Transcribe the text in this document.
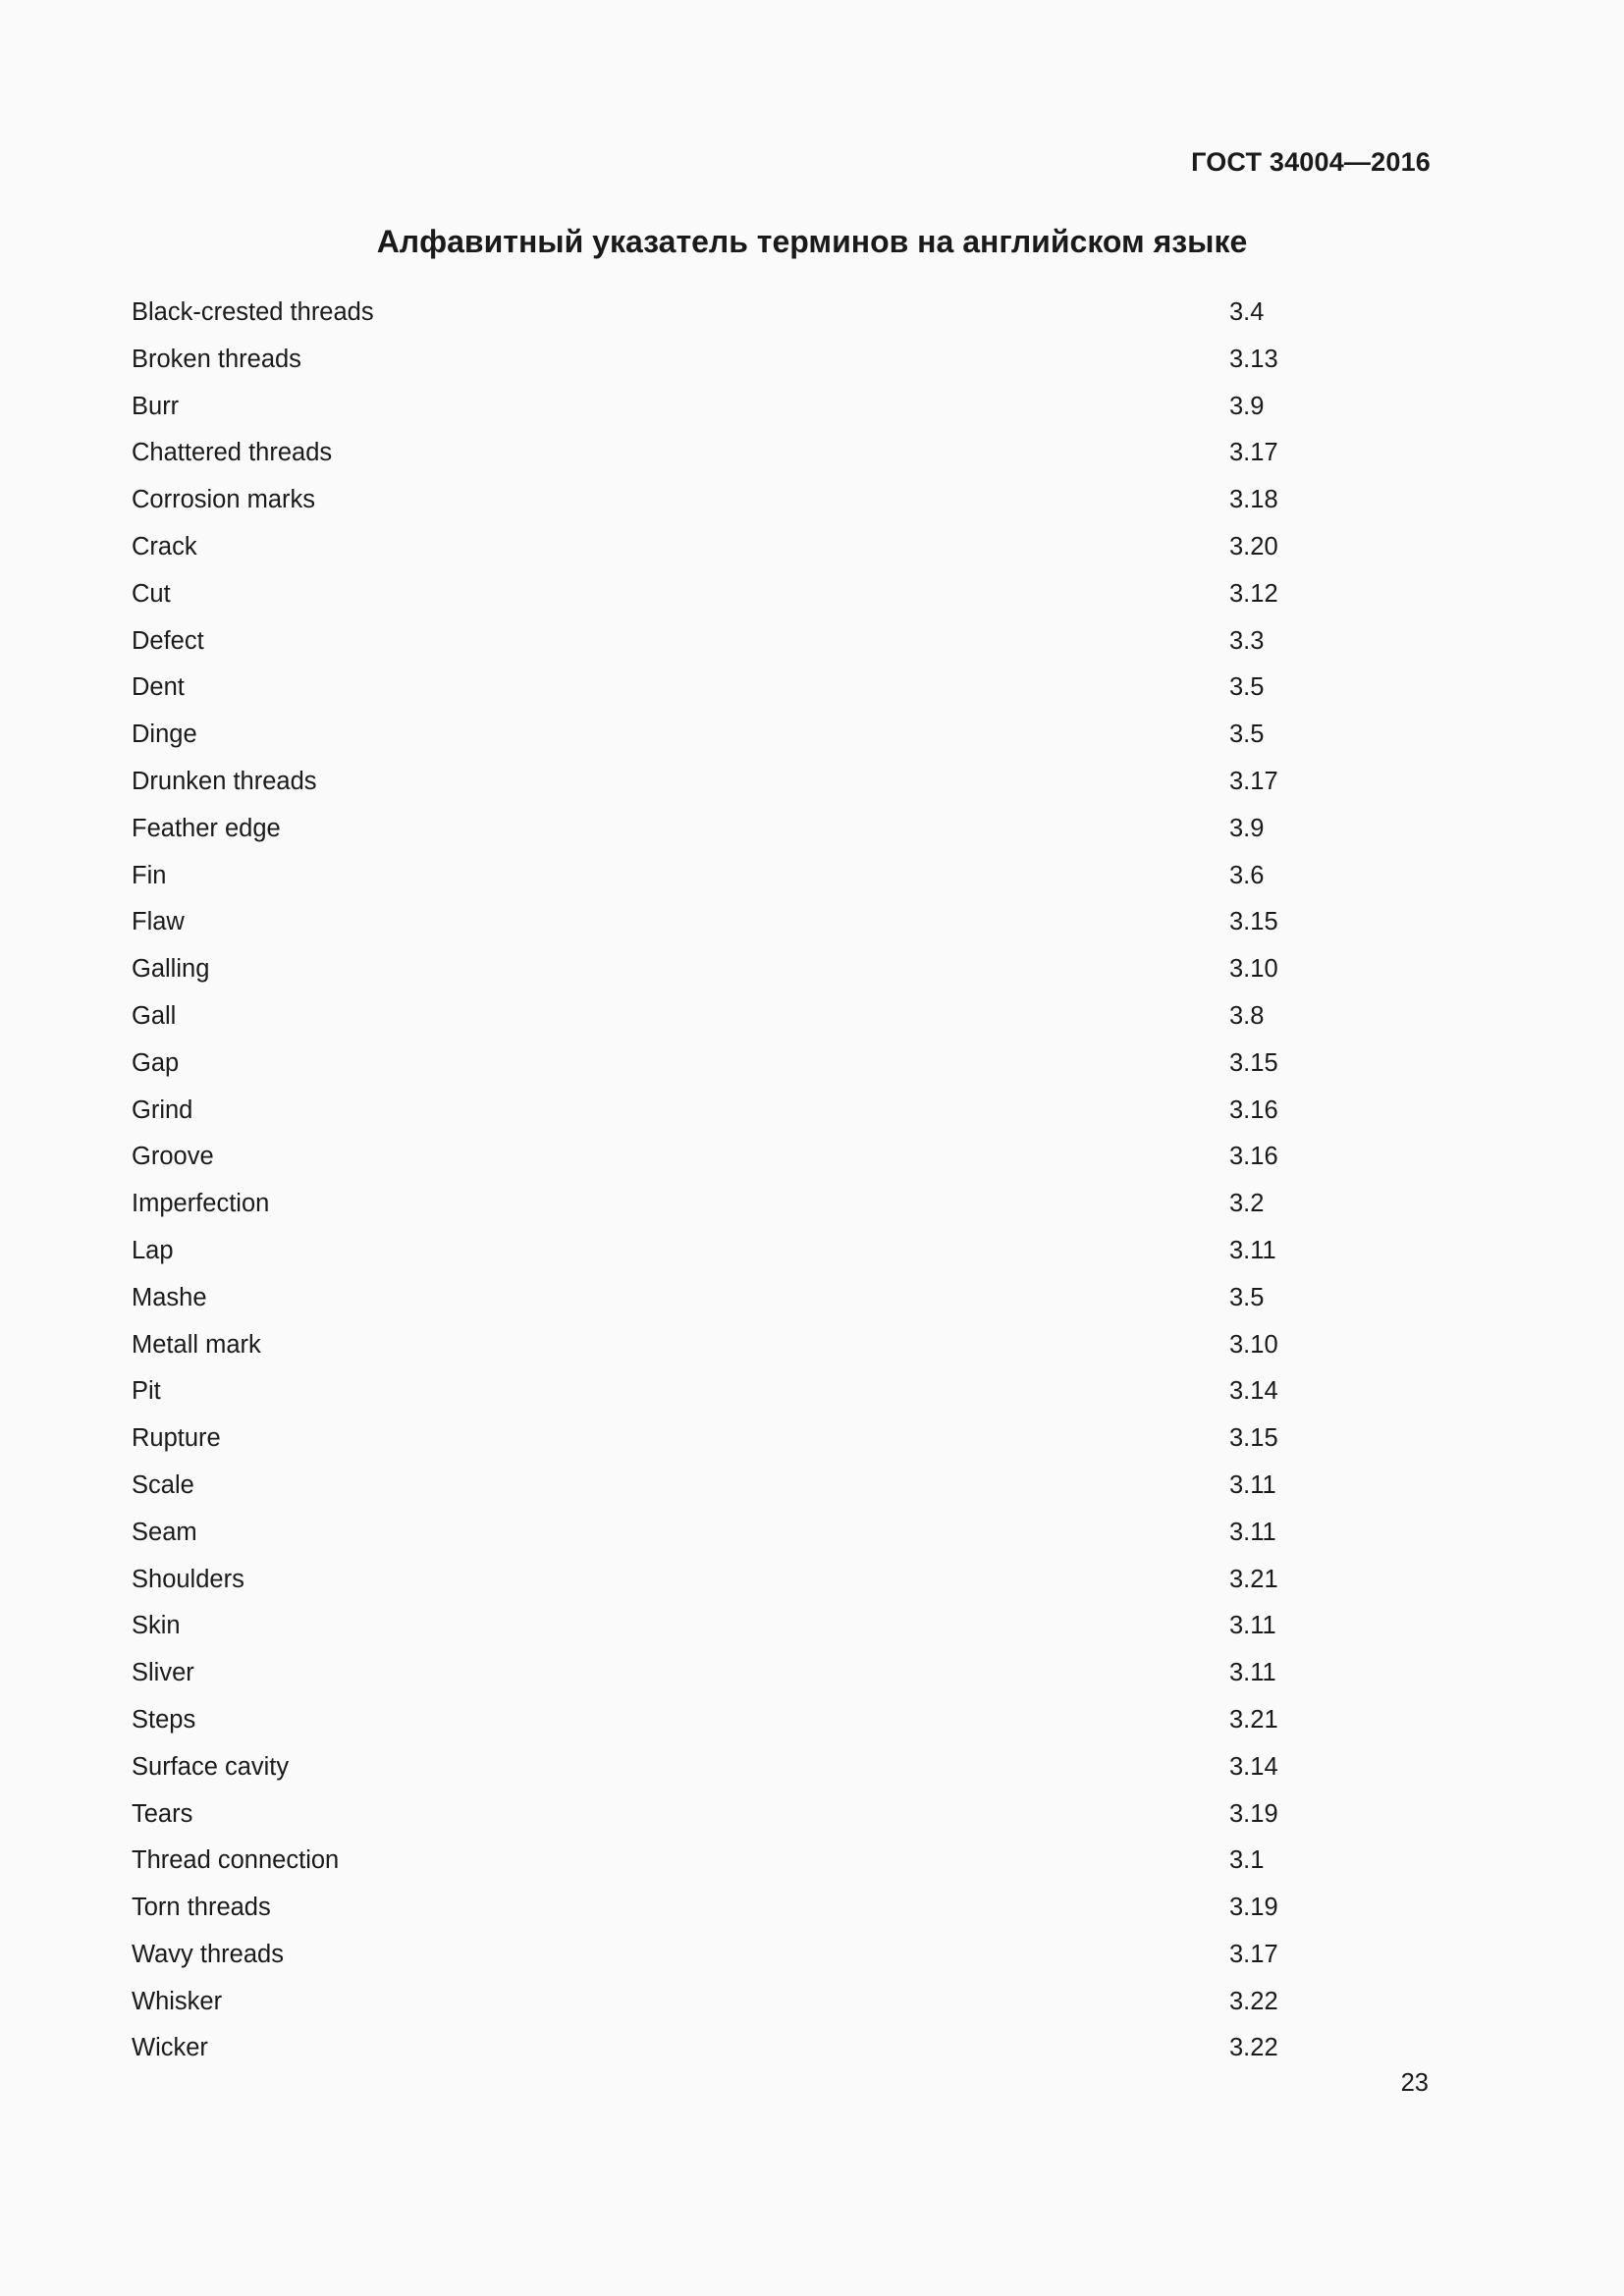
ГОСТ 34004—2016
Алфавитный указатель терминов на английском языке
Black-crested threads	3.4
Broken threads	3.13
Burr	3.9
Chattered threads	3.17
Corrosion marks	3.18
Crack	3.20
Cut	3.12
Defect	3.3
Dent	3.5
Dinge	3.5
Drunken threads	3.17
Feather edge	3.9
Fin	3.6
Flaw	3.15
Galling	3.10
Gall	3.8
Gap	3.15
Grind	3.16
Groove	3.16
Imperfection	3.2
Lap	3.11
Mashe	3.5
Metall mark	3.10
Pit	3.14
Rupture	3.15
Scale	3.11
Seam	3.11
Shoulders	3.21
Skin	3.11
Sliver	3.11
Steps	3.21
Surface cavity	3.14
Tears	3.19
Thread connection	3.1
Torn threads	3.19
Wavy threads	3.17
Whisker	3.22
Wicker	3.22
23
